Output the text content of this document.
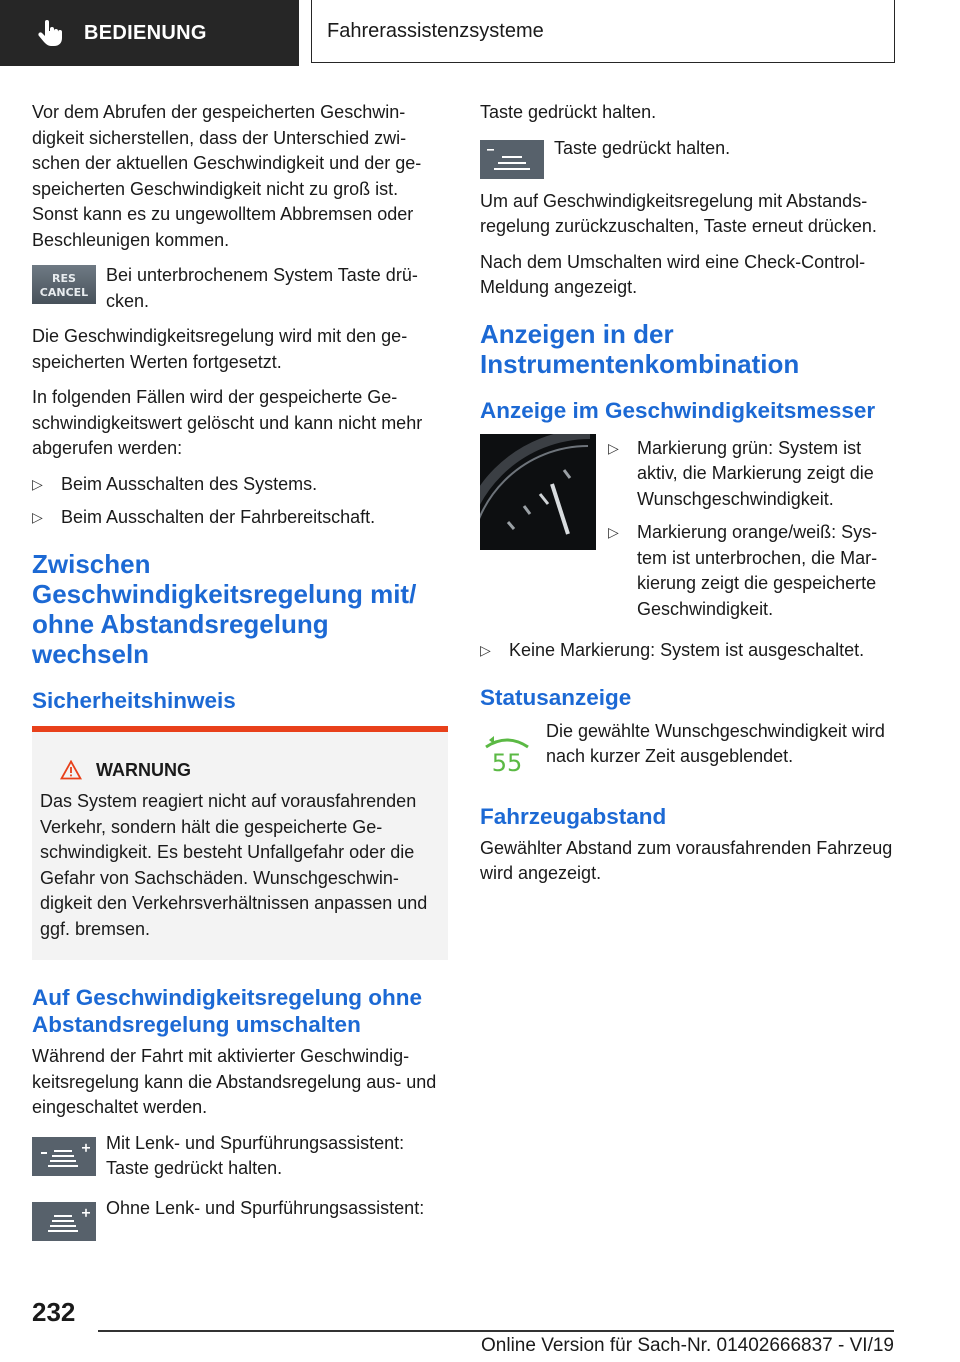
BEDIENUNG	Fahrerassistenzsysteme

Vor dem Abrufen der gespeicherten Geschwindigkeit sicherstellen, dass der Unterschied zwischen der aktuellen Geschwindigkeit und der gespeicherten Geschwindigkeit nicht zu groß ist. Sonst kann es zu ungewolltem Abbremsen oder Beschleunigen kommen.

RES
CANCEL
Bei unterbrochenem System Taste drücken.

Die Geschwindigkeitsregelung wird mit den gespeicherten Werten fortgesetzt.

In folgenden Fällen wird der gespeicherte Geschwindigkeitswert gelöscht und kann nicht mehr abgerufen werden:

▷	Beim Ausschalten des Systems.
▷	Beim Ausschalten der Fahrbereitschaft.
Zwischen Geschwindigkeitsregelung mit/ ohne Abstandsregelung wechseln
Sicherheitshinweis
WARNUNG
Das System reagiert nicht auf vorausfahrenden Verkehr, sondern hält die gespeicherte Geschwindigkeit. Es besteht Unfallgefahr oder die Gefahr von Sachschäden. Wunschgeschwindigkeit den Verkehrsverhältnissen anpassen und ggf. bremsen.
Auf Geschwindigkeitsregelung ohne Abstandsregelung umschalten

Während der Fahrt mit aktivierter Geschwindigkeitsregelung kann die Abstandsregelung aus- und eingeschaltet werden.

Mit Lenk- und Spurführungsassistent: Taste gedrückt halten.
Ohne Lenk- und Spurführungsassistent:

Taste gedrückt halten.

Taste gedrückt halten.

Um auf Geschwindigkeitsregelung mit Abstandsregelung zurückzuschalten, Taste erneut drücken.

Nach dem Umschalten wird eine Check-Control-Meldung angezeigt.

Anzeigen in der Instrumentenkombination
Anzeige im Geschwindigkeitsmesser
▷	Markierung grün: System ist aktiv, die Markierung zeigt die Wunschgeschwindigkeit.
▷	Markierung orange/weiß: System ist unterbrochen, die Markierung zeigt die gespeicherte Geschwindigkeit.
▷	Keine Markierung: System ist ausgeschaltet.
Statusanzeige
55
Die gewählte Wunschgeschwindigkeit wird nach kurzer Zeit ausgeblendet.
Fahrzeugabstand

Gewählter Abstand zum vorausfahrenden Fahrzeug wird angezeigt.

232
Online Version für Sach-Nr. 01402666837 - VI/19
